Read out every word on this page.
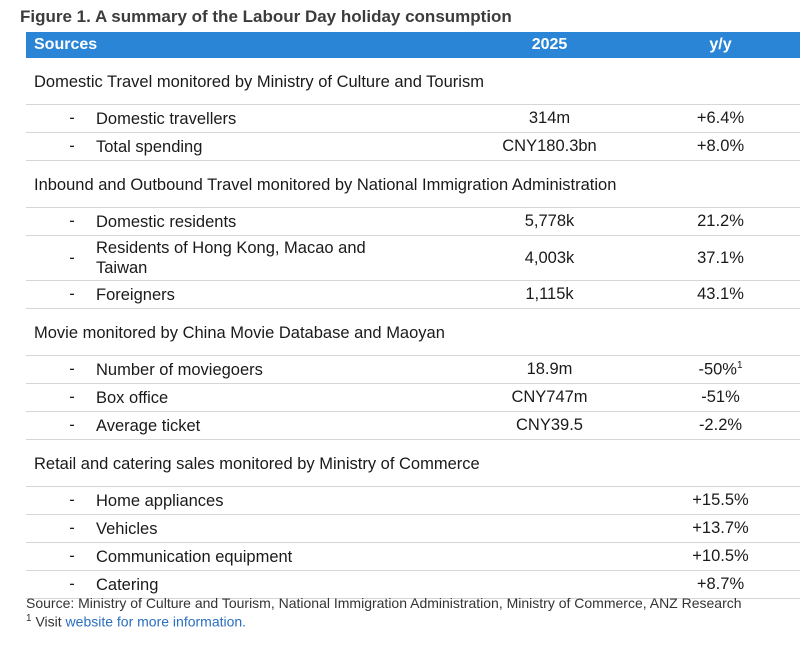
Figure 1. A summary of the Labour Day holiday consumption
Sources	2025	y/y
Domestic Travel monitored by Ministry of Culture and Tourism		

- Domestic travellers	314m	+6.4%

- Total spending	CNY180.3bn	+8.0%
Inbound and Outbound Travel monitored by National Immigration Administration		

- Domestic residents	5,778k	21.2%

-
Residents of Hong Kong, Macao and Taiwan	4,003k	37.1%

- Foreigners	1,115k	43.1%
Movie monitored by China Movie Database and Maoyan		

- Number of moviegoers	18.9m	-50%$^1$

- Box office	CNY747m	-51%

- Average ticket	CNY39.5	-2.2%
Retail and catering sales monitored by Ministry of Commerce		

- Home appliances		+15.5%

- Vehicles		+13.7%

- Communication equipment		+10.5%

- Catering		+8.7%
Source: Ministry of Culture and Tourism, National Immigration Administration, Ministry of Commerce, ANZ Research
$^1$ Visit website for more information.
